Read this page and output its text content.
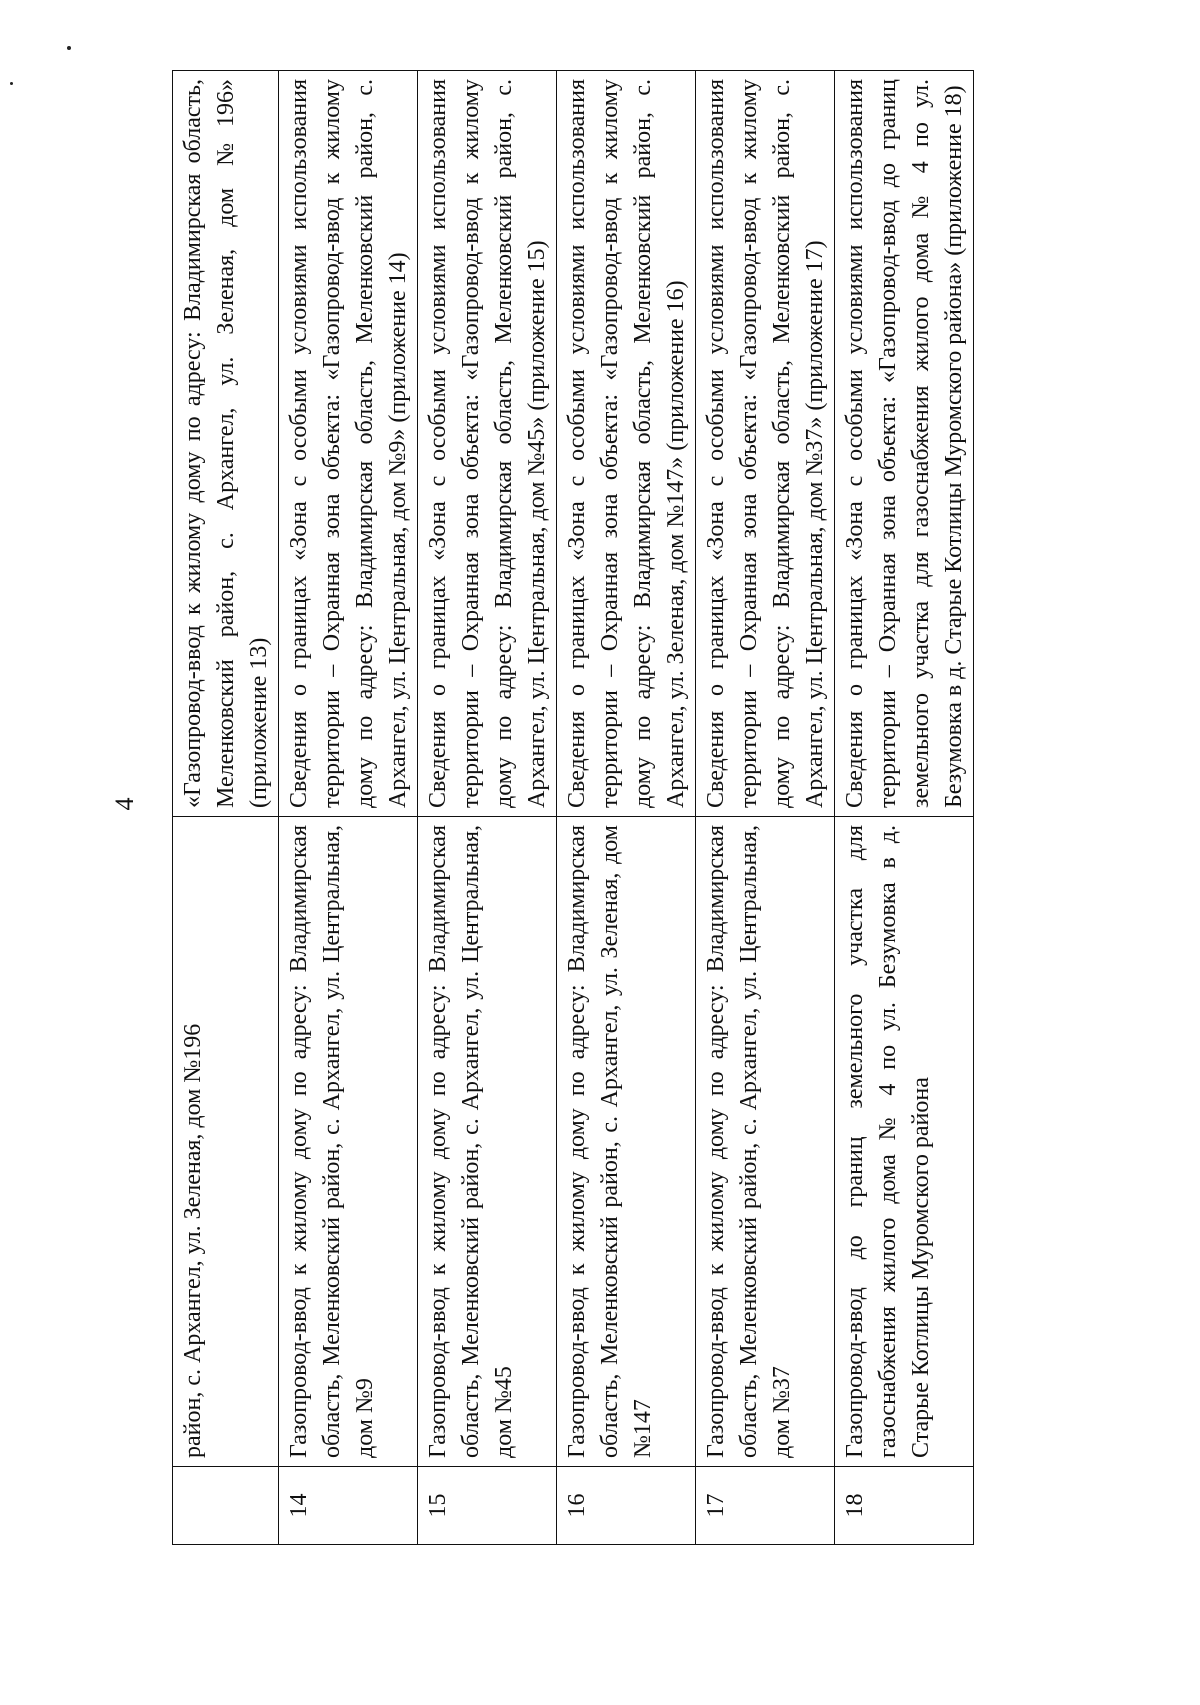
4
	район, с. Архангел, ул. Зеленая, дом №196	«Газопровод-ввод к жилому дому по адресу: Владимирская область, Меленковский район, с. Архангел, ул. Зеленая, дом №196» (приложение 13)
14	Газопровод-ввод к жилому дому по адресу: Владимирская область, Меленковский район, с. Архангел, ул. Центральная, дом №9	Сведения о границах «Зона с особыми условиями использования территории – Охранная зона объекта: «Газопровод-ввод к жилому дому по адресу: Владимирская область, Меленковский район, с. Архангел, ул. Центральная, дом №9» (приложение 14)
15	Газопровод-ввод к жилому дому по адресу: Владимирская область, Меленковский район, с. Архангел, ул. Центральная, дом №45	Сведения о границах «Зона с особыми условиями использования территории – Охранная зона объекта: «Газопровод-ввод к жилому дому по адресу: Владимирская область, Меленковский район, с. Архангел, ул. Центральная, дом №45» (приложение 15)
16	Газопровод-ввод к жилому дому по адресу: Владимирская область, Меленковский район, с. Архангел, ул. Зеленая, дом №147	Сведения о границах «Зона с особыми условиями использования территории – Охранная зона объекта: «Газопровод-ввод к жилому дому по адресу: Владимирская область, Меленковский район, с. Архангел, ул. Зеленая, дом №147» (приложение 16)
17	Газопровод-ввод к жилому дому по адресу: Владимирская область, Меленковский район, с. Архангел, ул. Центральная, дом №37	Сведения о границах «Зона с особыми условиями использования территории – Охранная зона объекта: «Газопровод-ввод к жилому дому по адресу: Владимирская область, Меленковский район, с. Архангел, ул. Центральная, дом №37» (приложение 17)
18	Газопровод-ввод до границ земельного участка для газоснабжения жилого дома № 4 по ул. Безумовка в д. Старые Котлицы Муромского района	Сведения о границах «Зона с особыми условиями использования территории – Охранная зона объекта: «Газопровод-ввод до границ земельного участка для газоснабжения жилого дома № 4 по ул. Безумовка в д. Старые Котлицы Муромского района» (приложение 18)
